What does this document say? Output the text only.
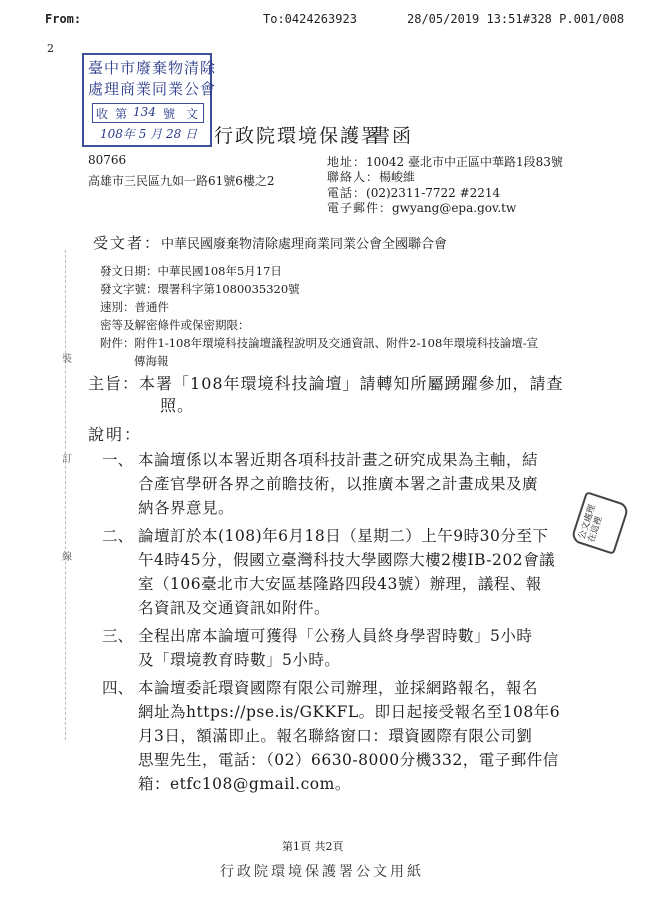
From:	To:0424263923	28/05/2019 13:51 #328 P.001/008
2
臺中市廢棄物清除
處理商業同業公會
收 第 134 號 文
108年 5 月 28 日 行政院環境保護署
書函
80766
高雄市三民區九如一路61號6樓之2
地址：10042 臺北市中正區中華路1段83號
聯絡人：楊峻維
電話：(02)2311-7722 #2214
電子郵件：gwyang@epa.gov.tw
受文者：中華民國廢棄物清除處理商業同業公會全國聯合會
發文日期：中華民國108年5月17日
發文字號：環署科字第1080035320號
速別：普通件
密等及解密條件或保密期限：
附件：附件1-108年環境科技論壇議程說明及交通資訊、附件2-108年環境科技論壇-宣
傳海報
主旨：本署「108年環境科技論壇」請轉知所屬踴躍參加，請查
照。
說明：
一、 本論壇係以本署近期各項科技計畫之研究成果為主軸，結
合產官學研各界之前瞻技術，以推廣本署之計畫成果及廣
納各界意見。
二、 論壇訂於本(108)年6月18日（星期二）上午9時30分至下
午4時45分，假國立臺灣科技大學國際大樓2樓IB-202會議
室（106臺北市大安區基隆路四段43號）辦理，議程、報
名資訊及交通資訊如附件。
三、 全程出席本論壇可獲得「公務人員終身學習時數」5小時
及「環境教育時數」5小時。
四、 本論壇委託環資國際有限公司辦理，並採網路報名，報名
網址為https://pse.is/GKKFL。即日起接受報名至108年6
月3日，額滿即止。報名聯絡窗口：環資國際有限公司劉
思聖先生，電話：（02）6630-8000分機332，電子郵件信
箱：etfc108@gmail.com。
裝
訂
線
公文處理在這裡
第1頁 共2頁
行政院環境保護署公文用紙
